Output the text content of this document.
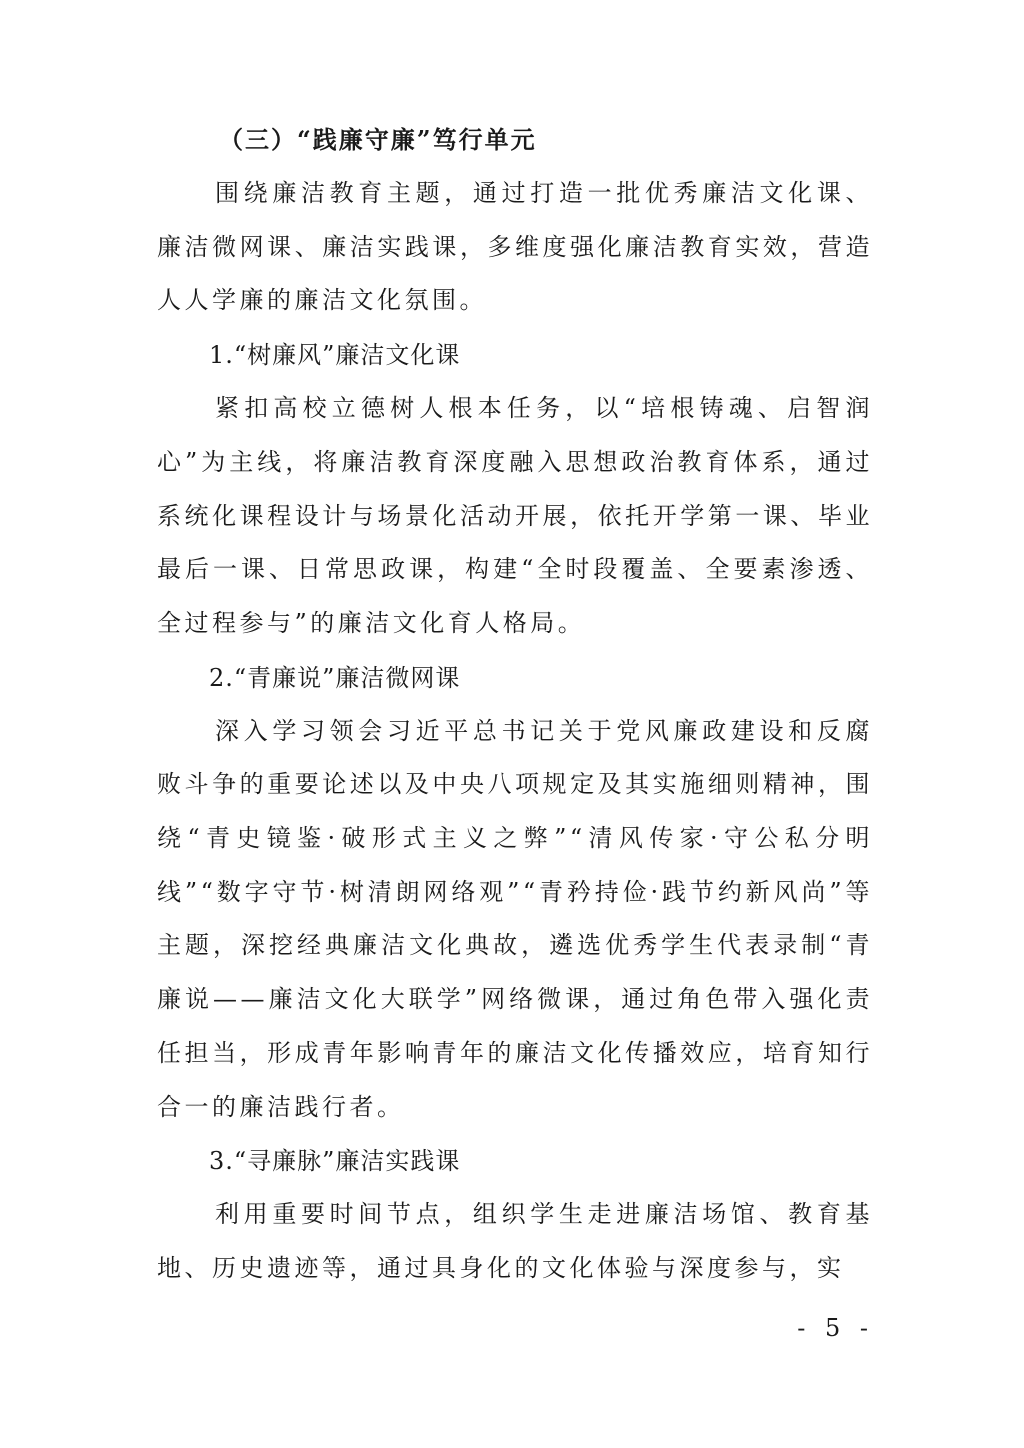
（三）“践廉守廉”笃行单元

围绕廉洁教育主题，通过打造一批优秀廉洁文化课、廉洁微网课、廉洁实践课，多维度强化廉洁教育实效，营造人人学廉的廉洁文化氛围。

1.“树廉风”廉洁文化课

紧扣高校立德树人根本任务，以“培根铸魂、启智润心”为主线，将廉洁教育深度融入思想政治教育体系，通过系统化课程设计与场景化活动开展，依托开学第一课、毕业最后一课、日常思政课，构建“全时段覆盖、全要素渗透、全过程参与”的廉洁文化育人格局。

2.“青廉说”廉洁微网课

深入学习领会习近平总书记关于党风廉政建设和反腐败斗争的重要论述以及中央八项规定及其实施细则精神，围绕“青史镜鉴·破形式主义之弊”“清风传家·守公私分明线”“数字守节·树清朗网络观”“青矜持俭·践节约新风尚”等主题，深挖经典廉洁文化典故，遴选优秀学生代表录制“青廉说——廉洁文化大联学”网络微课，通过角色带入强化责任担当，形成青年影响青年的廉洁文化传播效应，培育知行合一的廉洁践行者。

3.“寻廉脉”廉洁实践课

利用重要时间节点，组织学生走进廉洁场馆、教育基地、历史遗迹等，通过具身化的文化体验与深度参与，实

- 5 -
